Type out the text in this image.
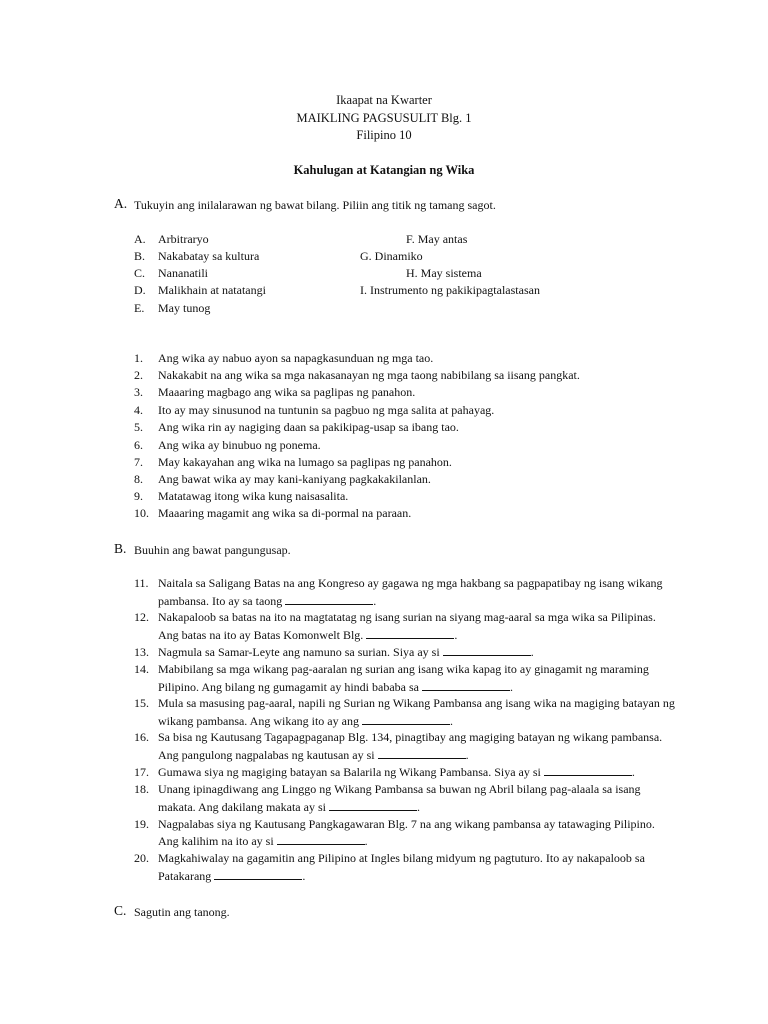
Ikaapat na Kwarter
MAIKLING PAGSUSULIT Blg. 1
Filipino 10
Kahulugan at Katangian ng Wika
A. Tukuyin ang inilalarawan ng bawat bilang. Piliin ang titik ng tamang sagot.
A. Arbitraryo
B. Nakabatay sa kultura
C. Nananatili
D. Malikhain at natatangi
E. May tunog
F. May antas
G. Dinamiko
H. May sistema
I. Instrumento ng pakikipagtalastasan
1. Ang wika ay nabuo ayon sa napagkasunduan ng mga tao.
2. Nakakabit na ang wika sa mga nakasanayan ng mga taong nabibilang sa iisang pangkat.
3. Maaaring magbago ang wika sa paglipas ng panahon.
4. Ito ay may sinusunod na tuntunin sa pagbuo ng mga salita at pahayag.
5. Ang wika rin ay nagiging daan sa pakikipag-usap sa ibang tao.
6. Ang wika ay binubuo ng ponema.
7. May kakayahan ang wika na lumago sa paglipas ng panahon.
8. Ang bawat wika ay may kani-kaniyang pagkakakilanlan.
9. Matatawag itong wika kung naisasalita.
10. Maaaring magamit ang wika sa di-pormal na paraan.
B. Buuhin ang bawat pangungusap.
11. Naitala sa Saligang Batas na ang Kongreso ay gagawa ng mga hakbang sa pagpapatibay ng isang wikang
pambansa. Ito ay sa taong	.
12. Nakapaloob sa batas na ito na magtatatag ng isang surian na siyang mag-aaral sa mga wika sa Pilipinas.
Ang batas na ito ay Batas Komonwelt Blg.	.
13. Nagmula sa Samar-Leyte ang namuno sa surian. Siya ay si	.
14. Mabibilang sa mga wikang pag-aaralan ng surian ang isang wika kapag ito ay ginagamit ng maraming
Pilipino. Ang bilang ng gumagamit ay hindi bababa sa	.
15. Mula sa masusing pag-aaral, napili ng Surian ng Wikang Pambansa ang isang wika na magiging batayan ng
wikang pambansa. Ang wikang ito ay ang	.
16. Sa bisa ng Kautusang Tagapagpaganap Blg. 134, pinagtibay ang magiging batayan ng wikang pambansa.
Ang pangulong nagpalabas ng kautusan ay si	.
17. Gumawa siya ng magiging batayan sa Balarila ng Wikang Pambansa. Siya ay si	.
18. Unang ipinagdiwang ang Linggo ng Wikang Pambansa sa buwan ng Abril bilang pag-alaala sa isang
makata. Ang dakilang makata ay si	.
19. Nagpalabas siya ng Kautusang Pangkagawaran Blg. 7 na ang wikang pambansa ay tatawaging Pilipino.
Ang kalihim na ito ay si	.
20. Magkahiwalay na gagamitin ang Pilipino at Ingles bilang midyum ng pagtuturo. Ito ay nakapaloob sa
Patakarang	.
C. Sagutin ang tanong.
